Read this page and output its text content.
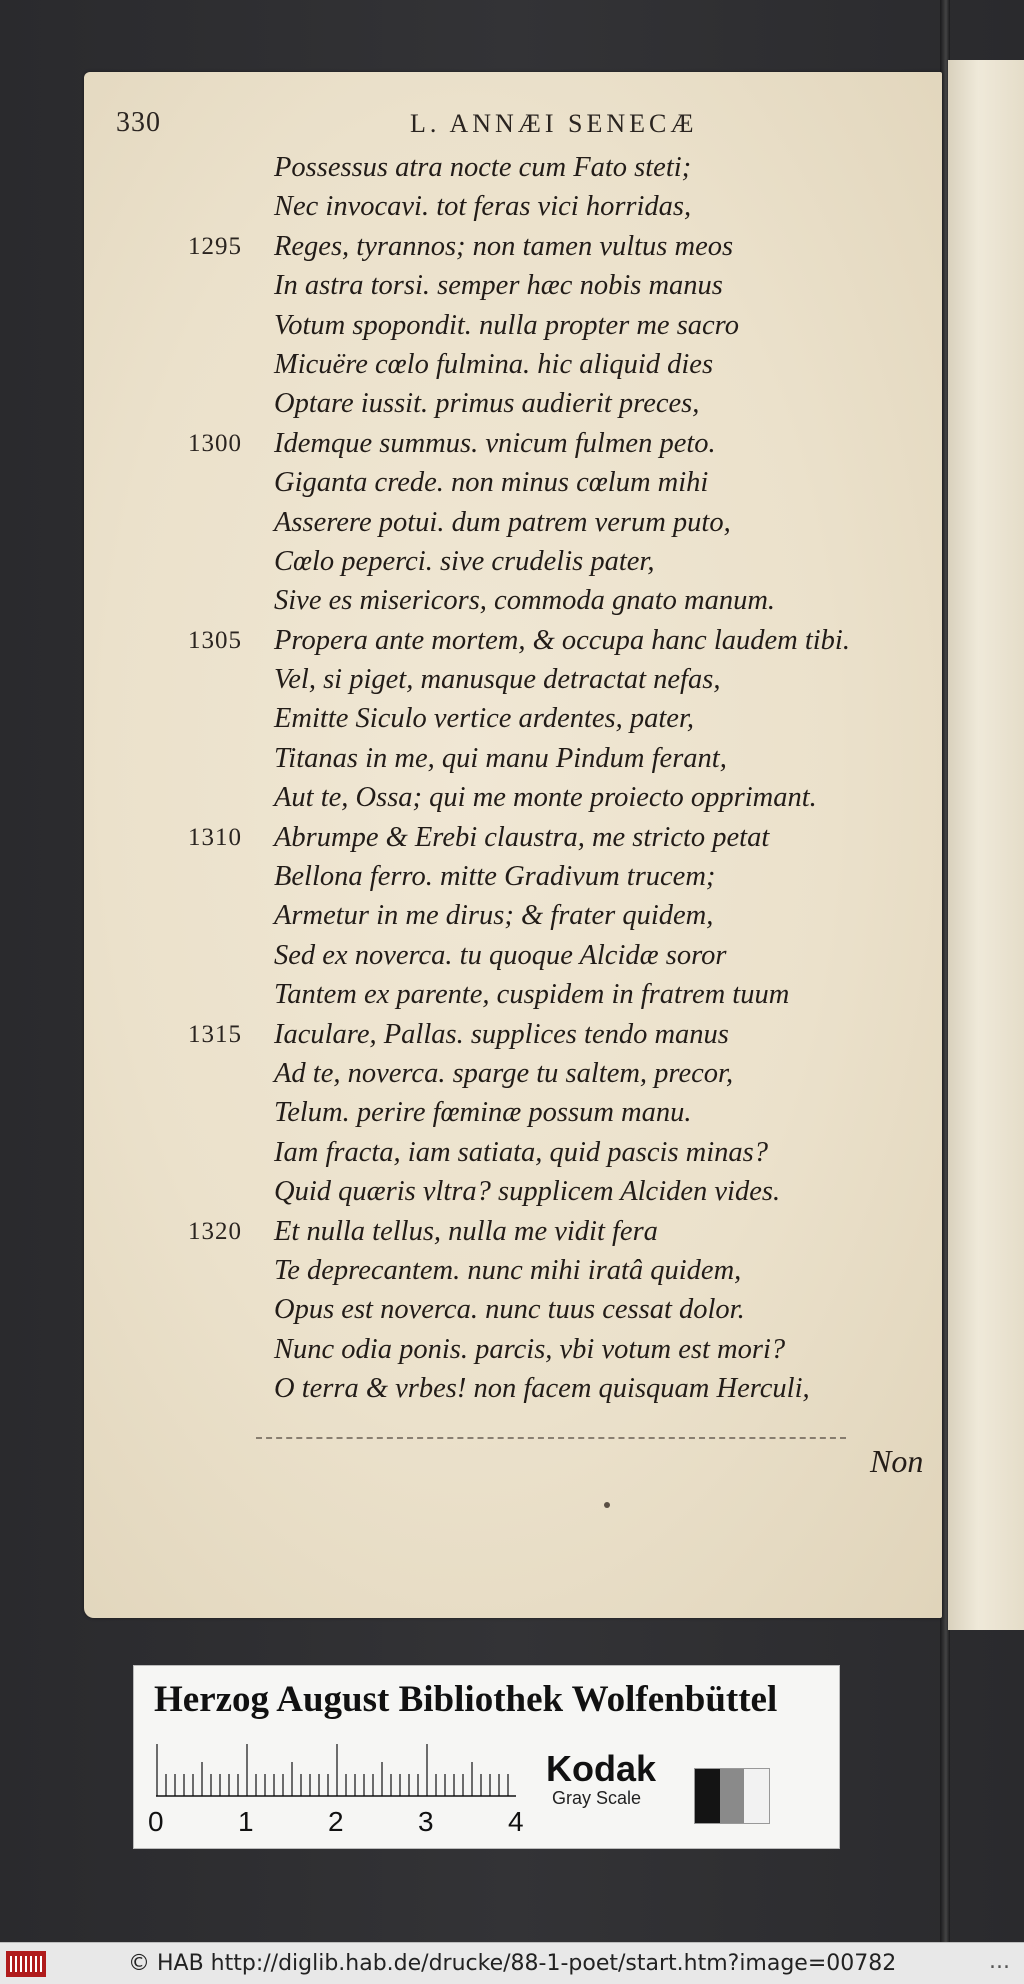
330	L. ANNÆI SENECÆ
Possessus atra nocte cum Fato steti;
Nec invocavi. tot feras vici horridas,
1295	Reges, tyrannos; non tamen vultus meos
In astra torsi. semper hæc nobis manus
Votum spopondit. nulla propter me sacro
Micuëre cœlo fulmina. hic aliquid dies
Optare iussit. primus audierit preces,
1300	Idemque summus. vnicum fulmen peto.
Giganta crede. non minus cœlum mihi
Asserere potui. dum patrem verum puto,
Cœlo peperci. sive crudelis pater,
Sive es misericors, commoda gnato manum.
1305	Propera ante mortem, & occupa hanc laudem tibi.
Vel, si piget, manusque detractat nefas,
Emitte Siculo vertice ardentes, pater,
Titanas in me, qui manu Pindum ferant,
Aut te, Ossa; qui me monte proiecto opprimant.
1310	Abrumpe & Erebi claustra, me stricto petat
Bellona ferro. mitte Gradivum trucem;
Armetur in me dirus; & frater quidem,
Sed ex noverca. tu quoque Alcidæ soror
Tantem ex parente, cuspidem in fratrem tuum
1315	Iaculare, Pallas. supplices tendo manus
Ad te, noverca. sparge tu saltem, precor,
Telum. perire fœminæ possum manu.
Iam fracta, iam satiata, quid pascis minas?
Quid quæris vltra? supplicem Alciden vides.
1320	Et nulla tellus, nulla me vidit fera
Te deprecantem. nunc mihi iratâ quidem,
Opus est noverca. nunc tuus cessat dolor.
Nunc odia ponis. parcis, vbi votum est mori?
O terra & vrbes! non facem quisquam Herculi,
Non
Herzog August Bibliothek Wolfenbüttel
0	1	2	3	4
Kodak
Gray Scale
© HAB http://diglib.hab.de/drucke/88-1-poet/start.htm?image=00782	...
